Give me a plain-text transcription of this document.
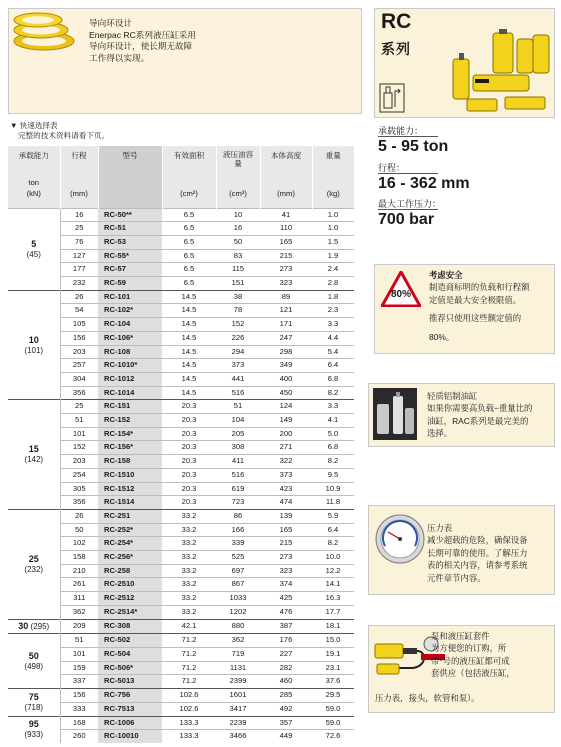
导向环设计
Enerpac RC系列液压缸采用
导向环设计，使长期无故障
工作得以实现。
RC
系列
承载能力：
5 - 95 ton
行程：
16 - 362 mm
最大工作压力：
700 bar
▼ 快速选择表
完整的技术资料请看下页。
承载能力	行程	型号	有效面积	液压油容量	本体高度	重量
ton						
(kN)	(mm)		(cm²)	(cm³)	(mm)	(kg)
5
(45)	16	RC-50**	6.5	10	41	1.0
	25	RC-51	6.5	16	110	1.0
	76	RC-53	6.5	50	165	1.5
	127	RC-55*	6.5	83	215	1.9
	177	RC-57	6.5	115	273	2.4
	232	RC-59	6.5	151	323	2.8
10
(101)	26	RC-101	14.5	38	89	1.8
	54	RC-102*	14.5	78	121	2.3
	105	RC-104	14.5	152	171	3.3
	156	RC-106*	14.5	226	247	4.4
	203	RC-108	14.5	294	298	5.4
	257	RC-1010*	14.5	373	349	6.4
	304	RC-1012	14.5	441	400	6.8
	356	RC-1014	14.5	516	450	8.2
15
(142)	25	RC-151	20.3	51	124	3.3
	51	RC-152	20.3	104	149	4.1
	101	RC-154*	20.3	205	200	5.0
	152	RC-156*	20.3	308	271	6.8
	203	RC-158	20.3	411	322	8.2
	254	RC-1510	20.3	516	373	9.5
	305	RC-1512	20.3	619	423	10.9
	356	RC-1514	20.3	723	474	11.8
25
(232)	26	RC-251	33.2	86	139	5.9
	50	RC-252*	33.2	166	165	6.4
	102	RC-254*	33.2	339	215	8.2
	158	RC-256*	33.2	525	273	10.0
	210	RC-258	33.2	697	323	12.2
	261	RC-2510	33.2	867	374	14.1
	311	RC-2512	33.2	1033	425	16.3
	362	RC-2514*	33.2	1202	476	17.7
30 (295)	209	RC-308	42.1	880	387	18.1
50
(498)	51	RC-502	71.2	362	176	15.0
	101	RC-504	71.2	719	227	19.1
	159	RC-506*	71.2	1131	282	23.1
	337	RC-5013	71.2	2399	460	37.6
75
(718)	156	RC-756	102.6	1601	285	29.5
	333	RC-7513	102.6	3417	492	59.0
95
(933)	168	RC-1006	133.3	2239	357	59.0
	260	RC-10010	133.3	3466	449	72.6
80%
考虑安全
制造商标明的负载和行程额
定值是最大安全极限值。
推荐只使用这些额定值的
80%。
轻质铝制油缸
如果你需要高负载−重量比的
油缸，RAC系列是最完美的
选择。
压力表
减少超载的危险，确保设备
长期可靠的使用。了解压力
表的相关内容，请参考系统
元件章节内容。
泵和液压缸套件
为方便您的订购，所
带*号的液压缸都可成
套供应（包括液压缸，
压力表，接头，软管和泵）。
